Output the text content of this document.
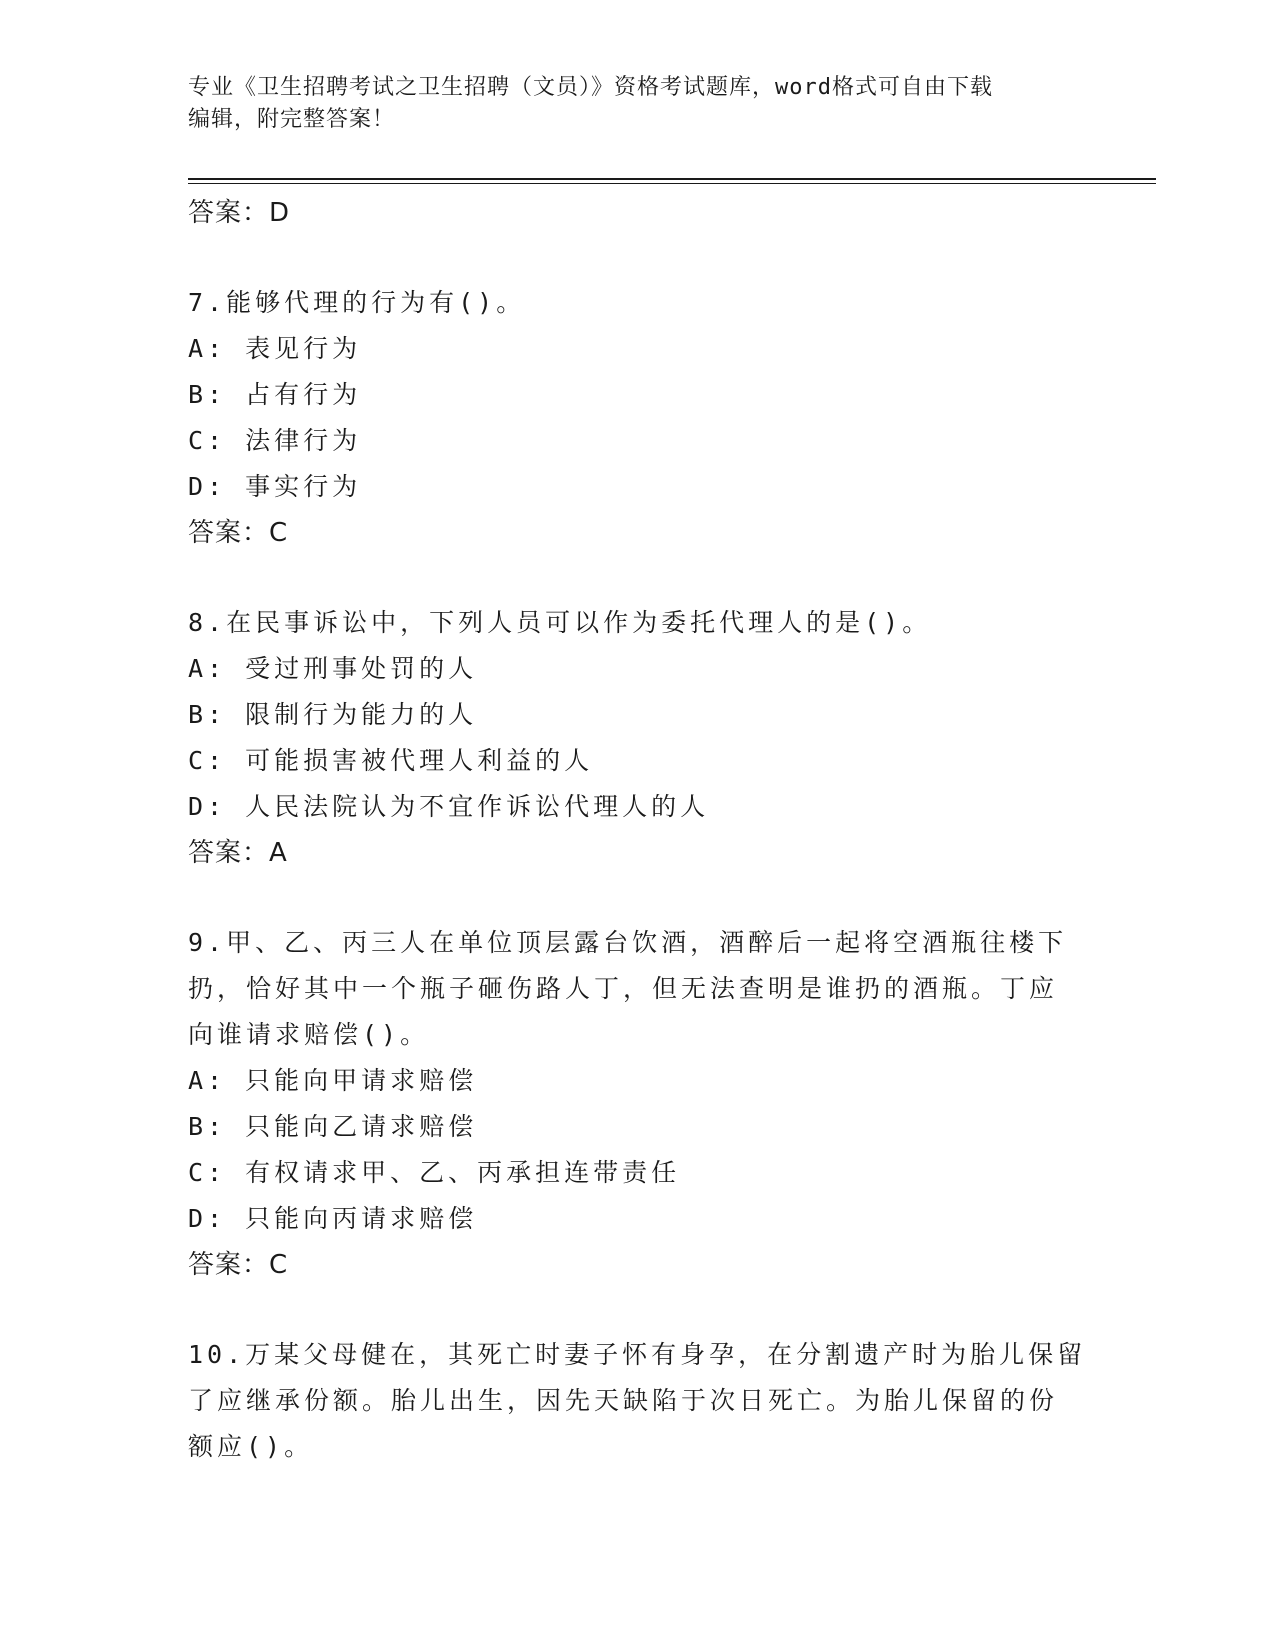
专业《卫生招聘考试之卫生招聘（文员）》资格考试题库，word格式可自由下载
编辑，附完整答案！
答案：D
7.能够代理的行为有()。
A: 表见行为
B: 占有行为
C: 法律行为
D: 事实行为
答案：C
8.在民事诉讼中，下列人员可以作为委托代理人的是()。
A: 受过刑事处罚的人
B: 限制行为能力的人
C: 可能损害被代理人利益的人
D: 人民法院认为不宜作诉讼代理人的人
答案：A
9.甲、乙、丙三人在单位顶层露台饮酒，酒醉后一起将空酒瓶往楼下
扔，恰好其中一个瓶子砸伤路人丁，但无法查明是谁扔的酒瓶。丁应
向谁请求赔偿()。
A: 只能向甲请求赔偿
B: 只能向乙请求赔偿
C: 有权请求甲、乙、丙承担连带责任
D: 只能向丙请求赔偿
答案：C
10.万某父母健在，其死亡时妻子怀有身孕，在分割遗产时为胎儿保留
了应继承份额。胎儿出生，因先天缺陷于次日死亡。为胎儿保留的份
额应()。
